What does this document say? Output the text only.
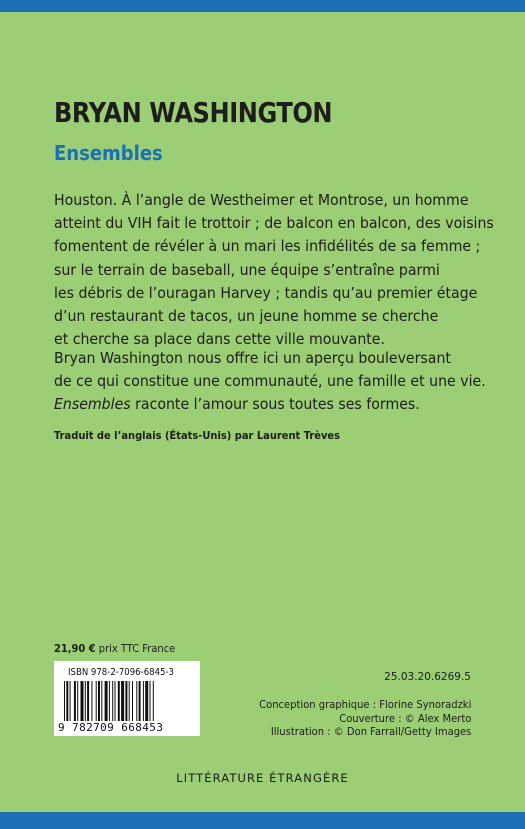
BRYAN WASHINGTON
Ensembles
Houston. À l’angle de Westheimer et Montrose, un homme
atteint du VIH fait le trottoir ; de balcon en balcon, des voisins
fomentent de révéler à un mari les infidélités de sa femme ;
sur le terrain de baseball, une équipe s’entraîne parmi
les débris de l’ouragan Harvey ; tandis qu’au premier étage
d’un restaurant de tacos, un jeune homme se cherche
et cherche sa place dans cette ville mouvante.
Bryan Washington nous offre ici un aperçu bouleversant
de ce qui constitue une communauté, une famille et une vie.
Ensembles raconte l’amour sous toutes ses formes.
Traduit de l’anglais (États-Unis) par Laurent Trèves
21,90 € prix TTC France
ISBN 978-2-7096-6845-3
9 782709 668453
25.03.20.6269.5
Conception graphique : Florine Synoradzki
Couverture : © Alex Merto
Illustration : © Don Farrall/Getty Images
LITTÉRATURE ÉTRANGÈRE
